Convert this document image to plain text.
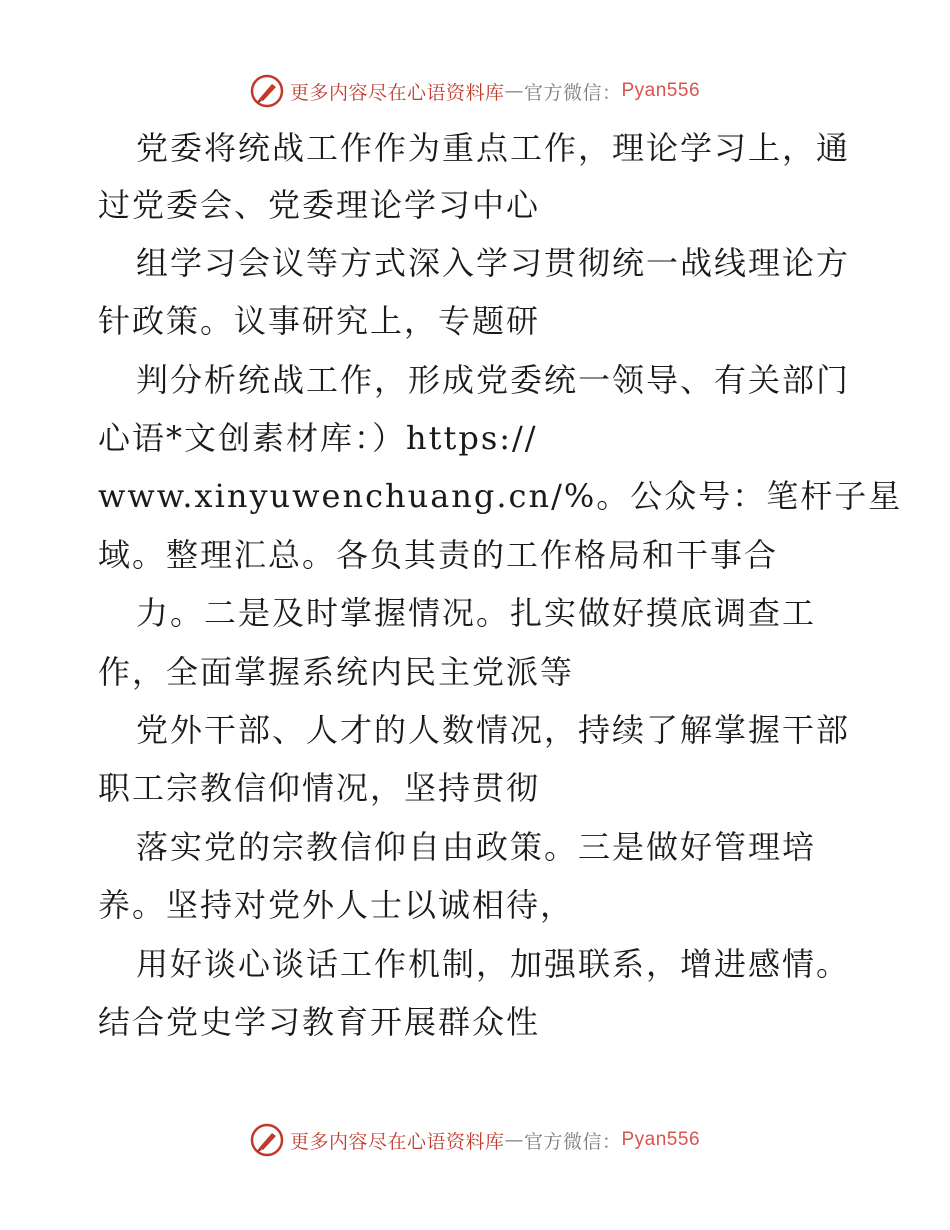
更多内容尽在心语资料库 — 官方微信： Pyan556
党委将统战工作作为重点工作，理论学习上，通
过党委会、党委理论学习中心
组学习会议等方式深入学习贯彻统一战线理论方
针政策。议事研究上，专题研
判分析统战工作，形成党委统一领导、有关部门
心语*文创素材库：）https://
www.xinyuwenchuang.cn/%。公众号：笔杆子星
域。整理汇总。各负其责的工作格局和干事合
力。二是及时掌握情况。扎实做好摸底调查工
作，全面掌握系统内民主党派等
党外干部、人才的人数情况，持续了解掌握干部
职工宗教信仰情况，坚持贯彻
落实党的宗教信仰自由政策。三是做好管理培
养。坚持对党外人士以诚相待，
用好谈心谈话工作机制，加强联系，增进感情。
结合党史学习教育开展群众性
更多内容尽在心语资料库 — 官方微信： Pyan556
